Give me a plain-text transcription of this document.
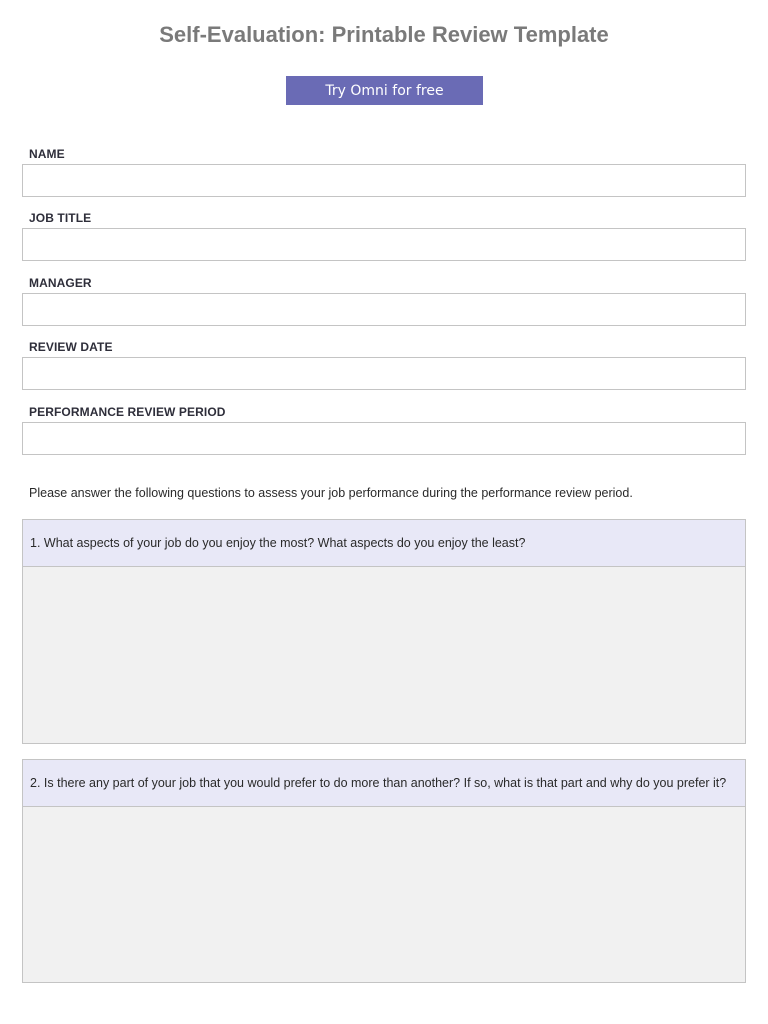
Self-Evaluation: Printable Review Template
Try Omni for free
NAME
JOB TITLE
MANAGER
REVIEW DATE
PERFORMANCE REVIEW PERIOD
Please answer the following questions to assess your job performance during the performance review period.
1. What aspects of your job do you enjoy the most? What aspects do you enjoy the least?
2. Is there any part of your job that you would prefer to do more than another? If so, what is that part and why do you prefer it?
